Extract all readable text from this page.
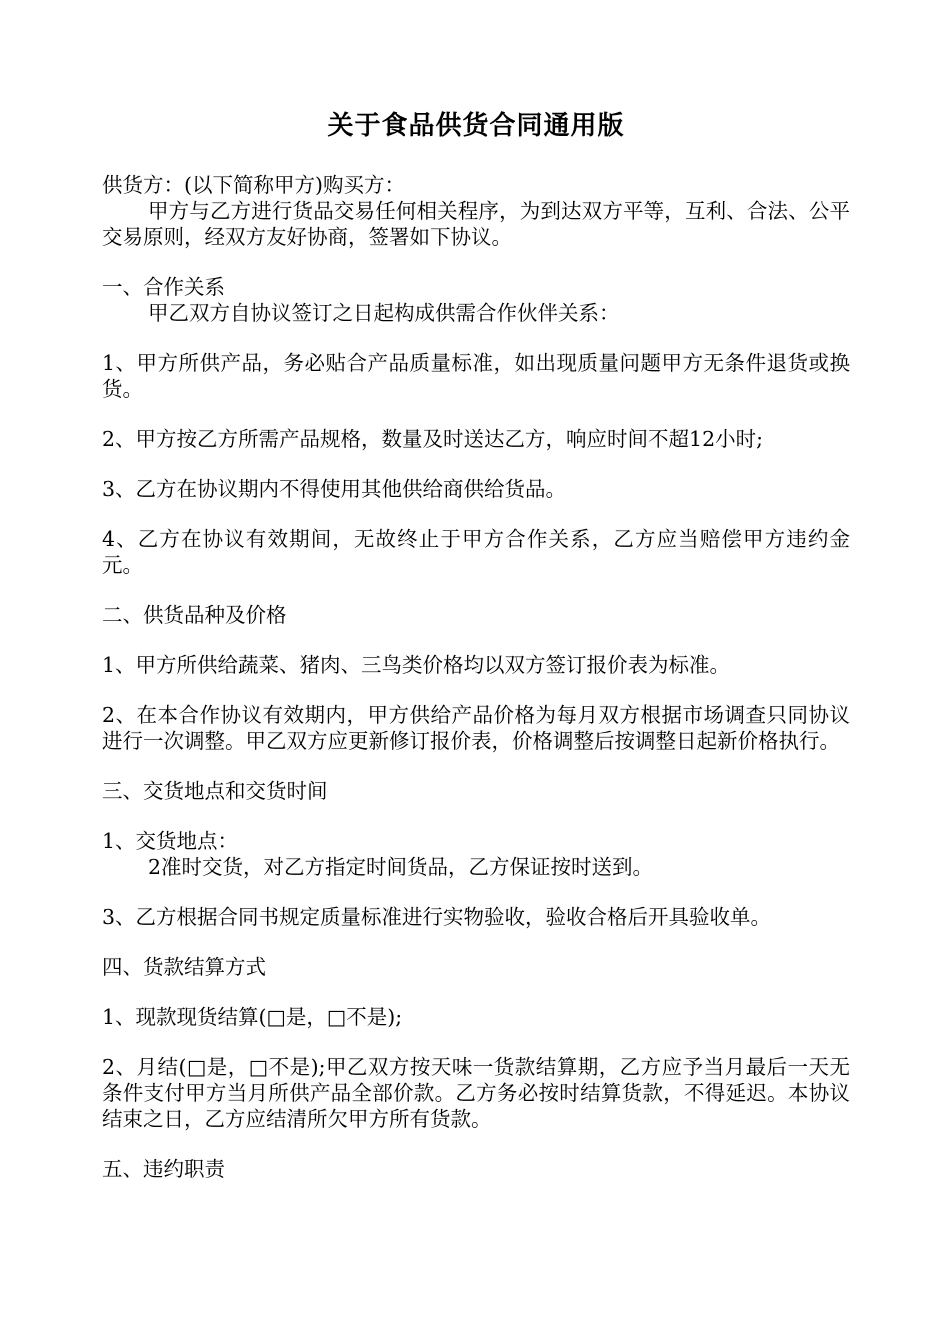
关于食品供货合同通用版

供货方：(以下简称甲方)购买方：

甲方与乙方进行货品交易任何相关程序，为到达双方平等，互利、合法、公平交易原则，经双方友好协商，签署如下协议。

一、合作关系

甲乙双方自协议签订之日起构成供需合作伙伴关系：

1、甲方所供产品，务必贴合产品质量标准，如出现质量问题甲方无条件退货或换货。

2、甲方按乙方所需产品规格，数量及时送达乙方，响应时间不超12小时;

3、乙方在协议期内不得使用其他供给商供给货品。

4、乙方在协议有效期间，无故终止于甲方合作关系，乙方应当赔偿甲方违约金元。

二、供货品种及价格

1、甲方所供给蔬菜、猪肉、三鸟类价格均以双方签订报价表为标准。

2、在本合作协议有效期内，甲方供给产品价格为每月双方根据市场调查只同协议进行一次调整。甲乙双方应更新修订报价表，价格调整后按调整日起新价格执行。

三、交货地点和交货时间

1、交货地点：

2准时交货，对乙方指定时间货品，乙方保证按时送到。

3、乙方根据合同书规定质量标准进行实物验收，验收合格后开具验收单。

四、货款结算方式

1、现款现货结算(□是，□不是);

2、月结(□是，□不是);甲乙双方按天味一货款结算期，乙方应予当月最后一天无条件支付甲方当月所供产品全部价款。乙方务必按时结算货款，不得延迟。本协议结束之日，乙方应结清所欠甲方所有货款。

五、违约职责
